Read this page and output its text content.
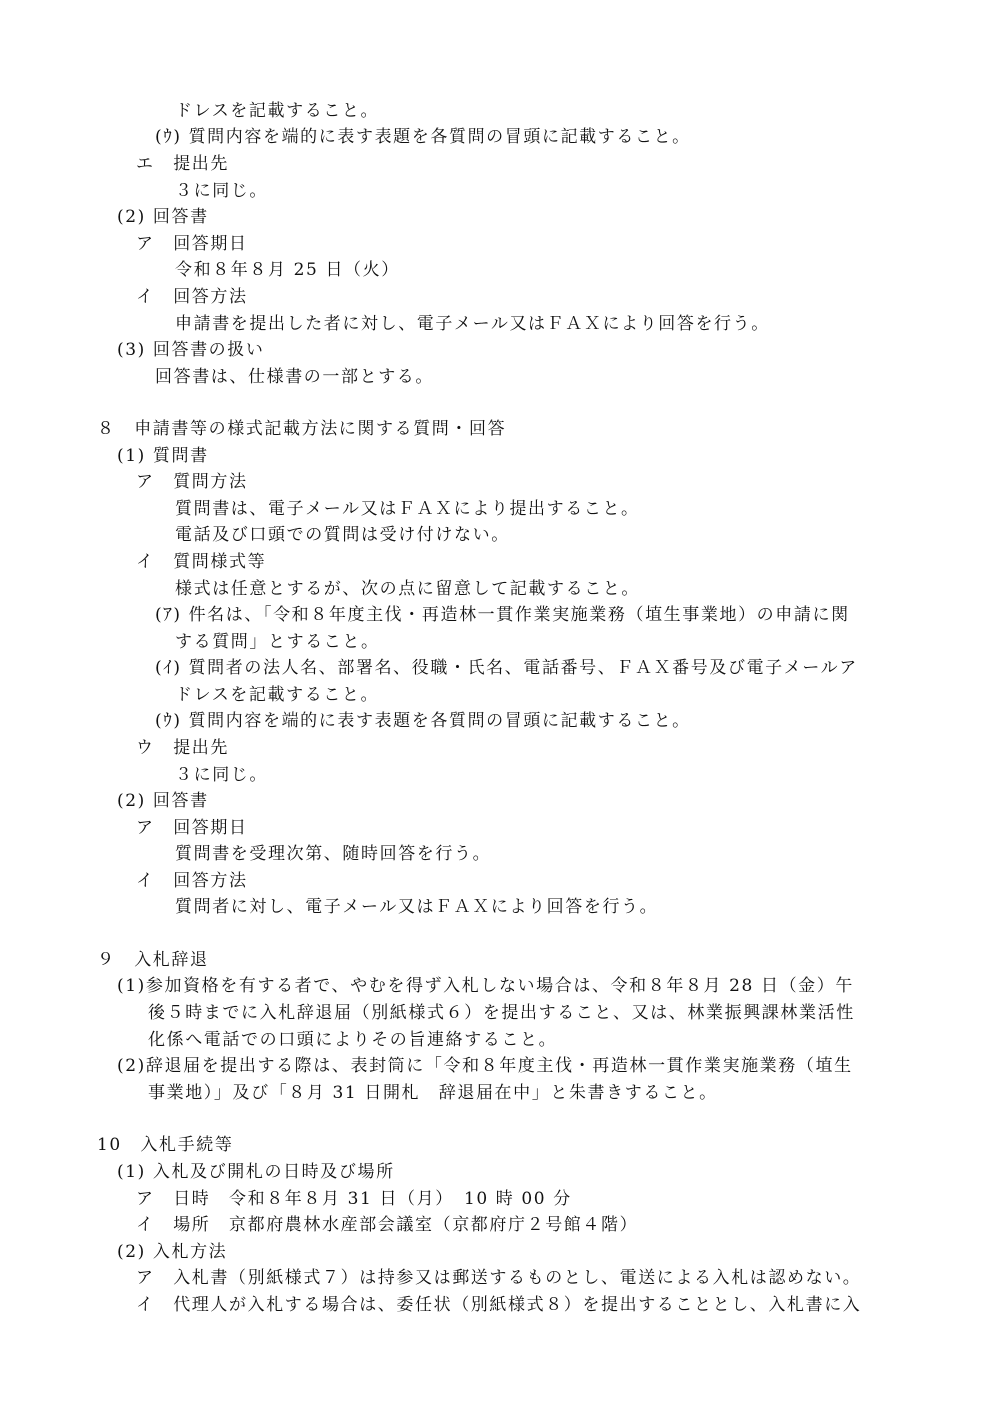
ドレスを記載すること。
(ｳ) 質問内容を端的に表す表題を各質問の冒頭に記載すること。
エ　提出先
３に同じ。
(2) 回答書
ア　回答期日
令和８年８月 25 日（火）
イ　回答方法
申請書を提出した者に対し、電子メール又はＦＡＸにより回答を行う。
(3) 回答書の扱い
回答書は、仕様書の一部とする。
８　申請書等の様式記載方法に関する質問・回答
(1) 質問書
ア　質問方法
質問書は、電子メール又はＦＡＸにより提出すること。
電話及び口頭での質問は受け付けない。
イ　質問様式等
様式は任意とするが、次の点に留意して記載すること。
(ｱ) 件名は、「令和８年度主伐・再造林一貫作業実施業務（埴生事業地）の申請に関
する質問」とすること。
(ｲ) 質問者の法人名、部署名、役職・氏名、電話番号、ＦＡＸ番号及び電子メールア
ドレスを記載すること。
(ｳ) 質問内容を端的に表す表題を各質問の冒頭に記載すること。
ウ　提出先
３に同じ。
(2) 回答書
ア　回答期日
質問書を受理次第、随時回答を行う。
イ　回答方法
質問者に対し、電子メール又はＦＡＸにより回答を行う。
９　入札辞退
(1)参加資格を有する者で、やむを得ず入札しない場合は、令和８年８月 28 日（金）午
後５時までに入札辞退届（別紙様式６）を提出すること、又は、林業振興課林業活性
化係へ電話での口頭によりその旨連絡すること。
(2)辞退届を提出する際は、表封筒に「令和８年度主伐・再造林一貫作業実施業務（埴生
事業地）」及び「８月 31 日開札　辞退届在中」と朱書きすること。
10　入札手続等
(1) 入札及び開札の日時及び場所
ア　日時　令和８年８月 31 日（月）　10 時 00 分
イ　場所　京都府農林水産部会議室（京都府庁２号館４階）
(2) 入札方法
ア　入札書（別紙様式７）は持参又は郵送するものとし、電送による入札は認めない。
イ　代理人が入札する場合は、委任状（別紙様式８）を提出することとし、入札書に入
